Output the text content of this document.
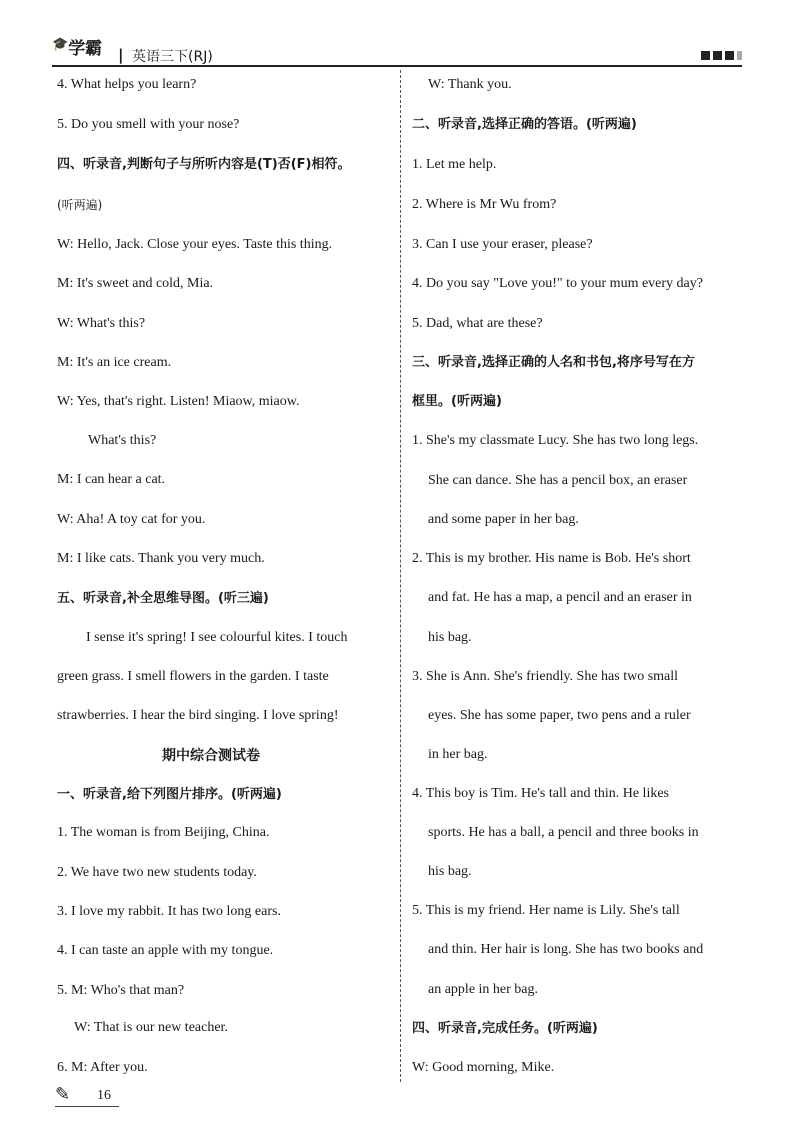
🎓学霸 | 英语三下(RJ)
4. What helps you learn?
5. Do you smell with your nose?
四、听录音,判断句子与所听内容是(T)否(F)相符。
(听两遍)
W: Hello, Jack. Close your eyes. Taste this thing.
M: It's sweet and cold, Mia.
W: What's this?
M: It's an ice cream.
W: Yes, that's right. Listen! Miaow, miaow.
What's this?
M: I can hear a cat.
W: Aha! A toy cat for you.
M: I like cats. Thank you very much.
五、听录音,补全思维导图。(听三遍)
I sense it's spring! I see colourful kites. I touch
green grass. I smell flowers in the garden. I taste
strawberries. I hear the bird singing. I love spring!
期中综合测试卷
一、听录音,给下列图片排序。(听两遍)
1. The woman is from Beijing, China.
2. We have two new students today.
3. I love my rabbit. It has two long ears.
4. I can taste an apple with my tongue.
5. M: Who's that man?
W: That is our new teacher.
6. M: After you.
W: Thank you.
二、听录音,选择正确的答语。(听两遍)
1. Let me help.
2. Where is Mr Wu from?
3. Can I use your eraser, please?
4. Do you say "Love you!" to your mum every day?
5. Dad, what are these?
三、听录音,选择正确的人名和书包,将序号写在方
框里。(听两遍)
1. She's my classmate Lucy. She has two long legs.
She can dance. She has a pencil box, an eraser
and some paper in her bag.
2. This is my brother. His name is Bob. He's short
and fat. He has a map, a pencil and an eraser in
his bag.
3. She is Ann. She's friendly. She has two small
eyes. She has some paper, two pens and a ruler
in her bag.
4. This boy is Tim. He's tall and thin. He likes
sports. He has a ball, a pencil and three books in
his bag.
5. This is my friend. Her name is Lily. She's tall
and thin. Her hair is long. She has two books and
an apple in her bag.
四、听录音,完成任务。(听两遍)
W: Good morning, Mike.
✎ 16
